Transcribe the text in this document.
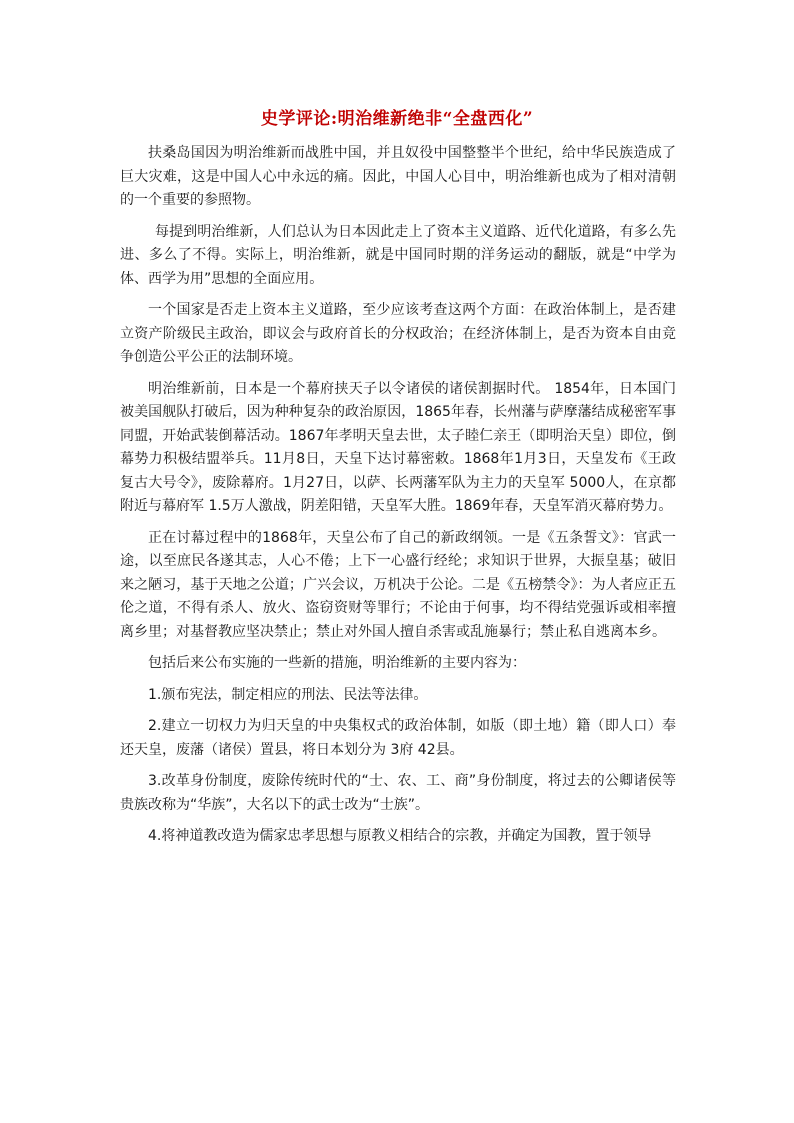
史学评论:明治维新绝非“全盘西化”

扶桑岛国因为明治维新而战胜中国，并且奴役中国整整半个世纪，给中华民族造成了巨大灾难，这是中国人心中永远的痛。因此，中国人心目中，明治维新也成为了相对清朝的一个重要的参照物。

每提到明治维新，人们总认为日本因此走上了资本主义道路、近代化道路，有多么先进、多么了不得。实际上，明治维新，就是中国同时期的洋务运动的翻版，就是“中学为体、西学为用”思想的全面应用。

一个国家是否走上资本主义道路，至少应该考查这两个方面：在政治体制上，是否建立资产阶级民主政治，即议会与政府首长的分权政治；在经济体制上，是否为资本自由竞争创造公平公正的法制环境。

明治维新前，日本是一个幕府挟天子以令诸侯的诸侯割据时代。 1854年，日本国门被美国舰队打破后，因为种种复杂的政治原因，1865年春，长州藩与萨摩藩结成秘密军事同盟，开始武装倒幕活动。1867年孝明天皇去世，太子睦仁亲王（即明治天皇）即位，倒幕势力积极结盟举兵。11月8日，天皇下达讨幕密敕。1868年1月3日，天皇发布《王政复古大号令》，废除幕府。1月27日，以萨、长两藩军队为主力的天皇军 5000人，在京都附近与幕府军 1.5万人激战，阴差阳错，天皇军大胜。1869年春，天皇军消灭幕府势力。

正在讨幕过程中的1868年，天皇公布了自己的新政纲领。一是《五条誓文》：官武一途，以至庶民各遂其志，人心不倦；上下一心盛行经纶；求知识于世界，大振皇基；破旧来之陋习，基于天地之公道；广兴会议，万机决于公论。二是《五榜禁令》：为人者应正五伦之道，不得有杀人、放火、盗窃资财等罪行；不论由于何事，均不得结党强诉或相率擅离乡里；对基督教应坚决禁止；禁止对外国人擅自杀害或乱施暴行；禁止私自逃离本乡。

包括后来公布实施的一些新的措施，明治维新的主要内容为：

1.颁布宪法，制定相应的刑法、民法等法律。

2.建立一切权力为归天皇的中央集权式的政治体制，如版（即土地）籍（即人口）奉还天皇，废藩（诸侯）置县，将日本划分为 3府 42县。

3.改革身份制度，废除传统时代的“士、农、工、商”身份制度，将过去的公卿诸侯等贵族改称为“华族”，大名以下的武士改为“士族”。

4.将神道教改造为儒家忠孝思想与原教义相结合的宗教，并确定为国教，置于领导
